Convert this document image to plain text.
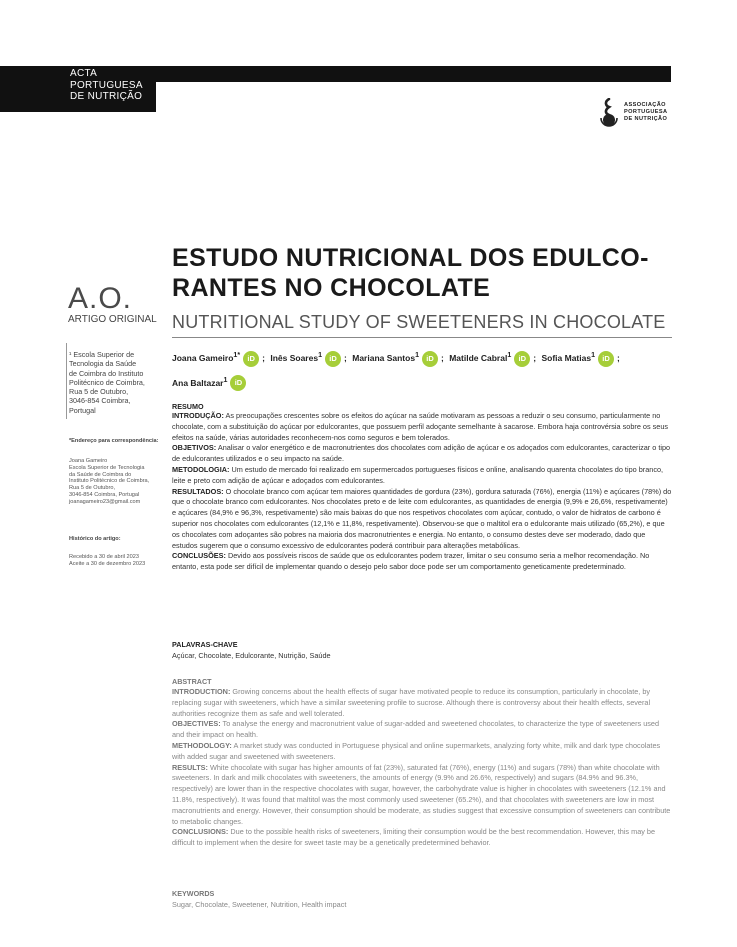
ACTA
PORTUGUESA
DE NUTRIÇÃO
ASSOCIAÇÃO
PORTUGUESA
DE NUTRIÇÃO
A.O.
ARTIGO ORIGINAL
¹ Escola Superior de
Tecnologia da Saúde
de Coimbra do Instituto
Politécnico de Coimbra,
Rua 5 de Outubro,
3046-854 Coimbra,
Portugal
*Endereço para correspondência:
Joana Gameiro
Escola Superior de Tecnologia
da Saúde de Coimbra do
Instituto Politécnico de Coimbra,
Rua 5 de Outubro,
3046-854 Coimbra, Portugal
joanagameiro23@gmail.com
Histórico do artigo:
Recebido a 30 de abril 2023
Aceite a 30 de dezembro 2023
ESTUDO NUTRICIONAL DOS EDULCO-
RANTES NO CHOCOLATE
NUTRITIONAL STUDY OF SWEETENERS IN CHOCOLATE
Joana Gameiro$^{1*}$ iD ; Inês Soares$^1$ iD ; Mariana Santos$^1$ iD ; Matilde Cabral$^1$ iD ; Sofia Matias$^1$ iD ;
Ana Baltazar$^1$ iD
RESUMO
INTRODUÇÃO: As preocupações crescentes sobre os efeitos do açúcar na saúde motivaram as pessoas a reduzir o seu consumo, particularmente no chocolate, com a substituição do açúcar por edulcorantes, que possuem perfil adoçante semelhante à sacarose. Embora haja controvérsia sobre os seus efeitos na saúde, várias autoridades reconhecem-nos como seguros e bem tolerados.
OBJETIVOS: Analisar o valor energético e de macronutrientes dos chocolates com adição de açúcar e os adoçados com edulcorantes, caracterizar o tipo de edulcorantes utilizados e o seu impacto na saúde.
METODOLOGIA: Um estudo de mercado foi realizado em supermercados portugueses físicos e online, analisando quarenta chocolates do tipo branco, leite e preto com adição de açúcar e adoçados com edulcorantes.
RESULTADOS: O chocolate branco com açúcar tem maiores quantidades de gordura (23%), gordura saturada (76%), energia (11%) e açúcares (78%) do que o chocolate branco com edulcorantes. Nos chocolates preto e de leite com edulcorantes, as quantidades de energia (9,9% e 26,6%, respetivamente) e açúcares (84,9% e 96,3%, respetivamente) são mais baixas do que nos respetivos chocolates com açúcar, contudo, o valor de hidratos de carbono é superior nos chocolates com edulcorantes (12,1% e 11,8%, respetivamente). Observou-se que o maltitol era o edulcorante mais utilizado (65,2%), e que os chocolates com adoçantes são pobres na maioria dos macronutrientes e energia. No entanto, o consumo destes deve ser moderado, dado que estudos sugerem que o consumo excessivo de edulcorantes poderá contribuir para alterações metabólicas.
CONCLUSÕES: Devido aos possíveis riscos de saúde que os edulcorantes podem trazer, limitar o seu consumo seria a melhor recomendação. No entanto, esta pode ser difícil de implementar quando o desejo pelo sabor doce pode ser um comportamento geneticamente predeterminado.
PALAVRAS-CHAVE
Açúcar, Chocolate, Edulcorante, Nutrição, Saúde
ABSTRACT
INTRODUCTION: Growing concerns about the health effects of sugar have motivated people to reduce its consumption, particularly in chocolate, by replacing sugar with sweeteners, which have a similar sweetening profile to sucrose. Although there is controversy about their health effects, several authorities recognize them as safe and well tolerated.
OBJECTIVES: To analyse the energy and macronutrient value of sugar-added and sweetened chocolates, to characterize the type of sweeteners used and their impact on health.
METHODOLOGY: A market study was conducted in Portuguese physical and online supermarkets, analyzing forty white, milk and dark type chocolates with added sugar and sweetened with sweeteners.
RESULTS: White chocolate with sugar has higher amounts of fat (23%), saturated fat (76%), energy (11%) and sugars (78%) than white chocolate with sweeteners. In dark and milk chocolates with sweeteners, the amounts of energy (9.9% and 26.6%, respectively) and sugars (84.9% and 96.3%, respectively) are lower than in the respective chocolates with sugar, however, the carbohydrate value is higher in chocolates with sweeteners (12.1% and 11.8%, respectively). It was found that maltitol was the most commonly used sweetener (65.2%), and that chocolates with sweeteners are low in most macronutrients and energy. However, their consumption should be moderate, as studies suggest that excessive consumption of sweeteners can contribute to metabolic changes.
CONCLUSIONS: Due to the possible health risks of sweeteners, limiting their consumption would be the best recommendation. However, this may be difficult to implement when the desire for sweet taste may be a genetically predetermined behavior.
KEYWORDS
Sugar, Chocolate, Sweetener, Nutrition, Health impact
